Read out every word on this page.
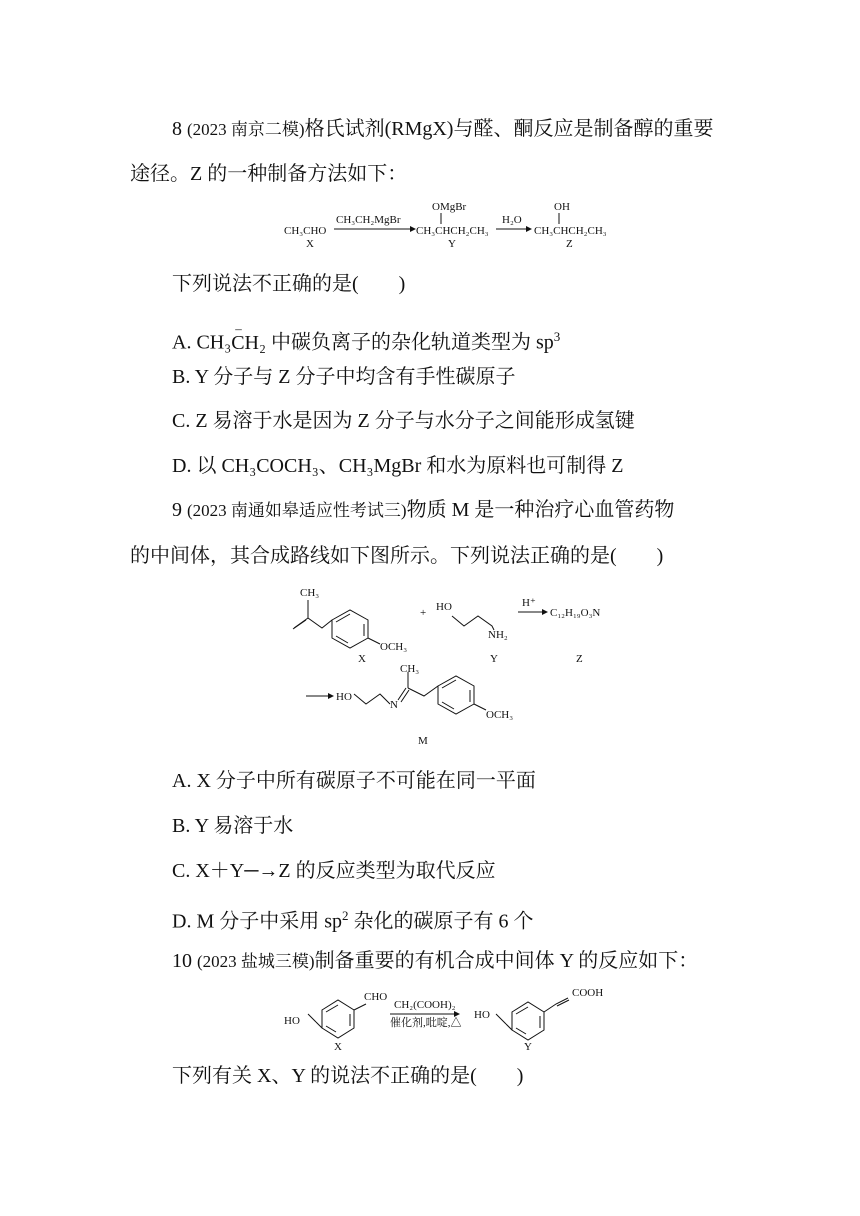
8 (2023 南京二模)格氏试剂(RMgX)与醛、酮反应是制备醇的重要
途径。Z 的一种制备方法如下：
CH₃CHO
X
CH₃CH₂MgBr
OMgBr
CH₃CHCH₂CH₃
Y
H₂O
OH
CH₃CHCH₂CH₃
Z
下列说法不正确的是(　　)
A. CH₃
–
CH₂ 中碳负离子的杂化轨道类型为 $sp^3$
B. Y 分子与 Z 分子中均含有手性碳原子
C. Z 易溶于水是因为 Z 分子与水分子之间能形成氢键
D. 以 CH₃COCH₃、CH₃MgBr 和水为原料也可制得 Z
9 (2023 南通如皋适应性考试三)物质 M 是一种治疗心血管药物
的中间体，其合成路线如下图所示。下列说法正确的是(　　)
CH₃
OCH₃
X
+ HO
NH₂
Y
H⁺
C₁₂H₁₉O₃N
Z
HO
N
CH₃
OCH₃
M
A. X 分子中所有碳原子不可能在同一平面
B. Y 易溶于水
C. X＋Y─→Z 的反应类型为取代反应
D. M 分子中采用 $sp^2$ 杂化的碳原子有 6 个
10 (2023 盐城三模)制备重要的有机合成中间体 Y 的反应如下：
CHO
HO
X
CH₂(COOH)₂
催化剂,吡啶,△
HO
COOH
Y
下列有关 X、Y 的说法不正确的是(　　)
